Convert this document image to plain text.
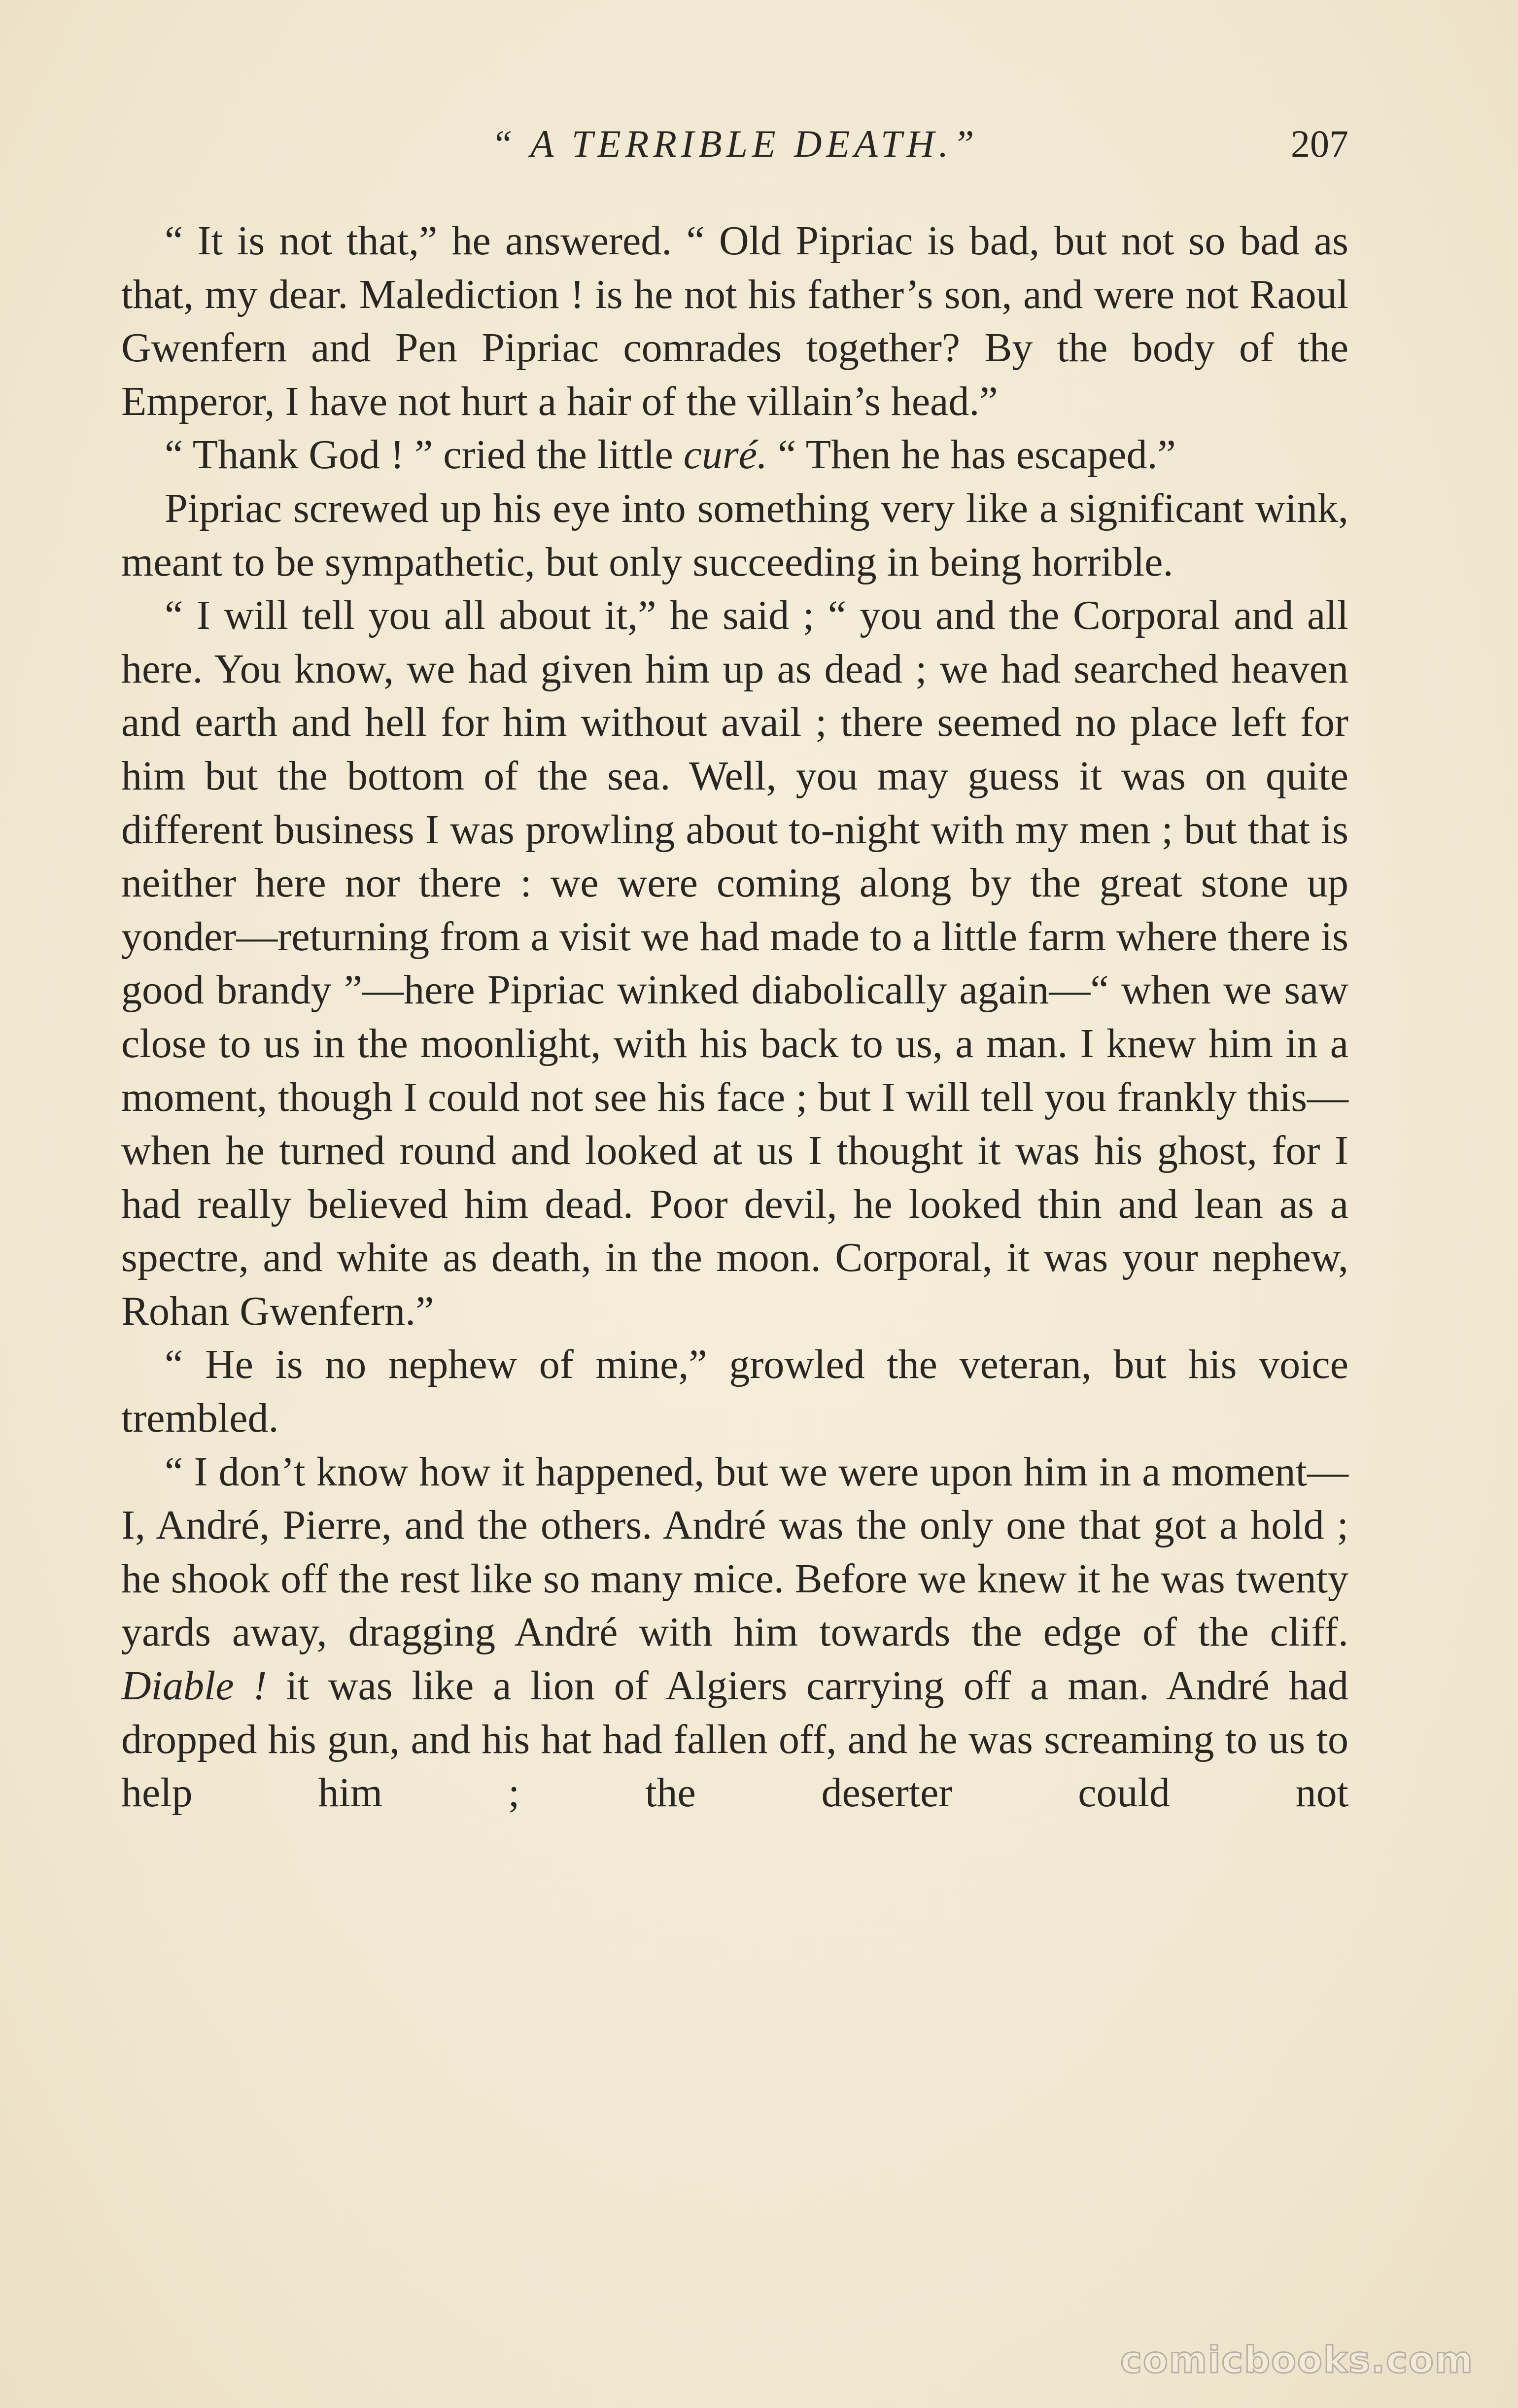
“ A TERRIBLE DEATH.”	207

“ It is not that,” he answered. “ Old Pipriac is bad, but not so bad as that, my dear. Malediction ! is he not his father’s son, and were not Raoul Gwenfern and Pen Pipriac comrades together? By the body of the Emperor, I have not hurt a hair of the villain’s head.”

“ Thank God ! ” cried the little curé. “ Then he has escaped.”

Pipriac screwed up his eye into something very like a significant wink, meant to be sympathetic, but only succeeding in being horrible.

“ I will tell you all about it,” he said ; “ you and the Corporal and all here. You know, we had given him up as dead ; we had searched heaven and earth and hell for him without avail ; there seemed no place left for him but the bottom of the sea. Well, you may guess it was on quite different business I was prowling about to-night with my men ; but that is neither here nor there : we were coming along by the great stone up yonder—returning from a visit we had made to a little farm where there is good brandy ”—here Pipriac winked diabolically again—“ when we saw close to us in the moonlight, with his back to us, a man. I knew him in a moment, though I could not see his face ; but I will tell you frankly this—when he turned round and looked at us I thought it was his ghost, for I had really believed him dead. Poor devil, he looked thin and lean as a spectre, and white as death, in the moon. Corporal, it was your nephew, Rohan Gwenfern.”

“ He is no nephew of mine,” growled the veteran, but his voice trembled.

“ I don’t know how it happened, but we were upon him in a moment—I, André, Pierre, and the others. André was the only one that got a hold ; he shook off the rest like so many mice. Before we knew it he was twenty yards away, dragging André with him towards the edge of the cliff. Diable ! it was like a lion of Algiers carrying off a man. André had dropped his gun, and his hat had fallen off, and he was screaming to us to help him ; the deserter could not

comicbooks.com
